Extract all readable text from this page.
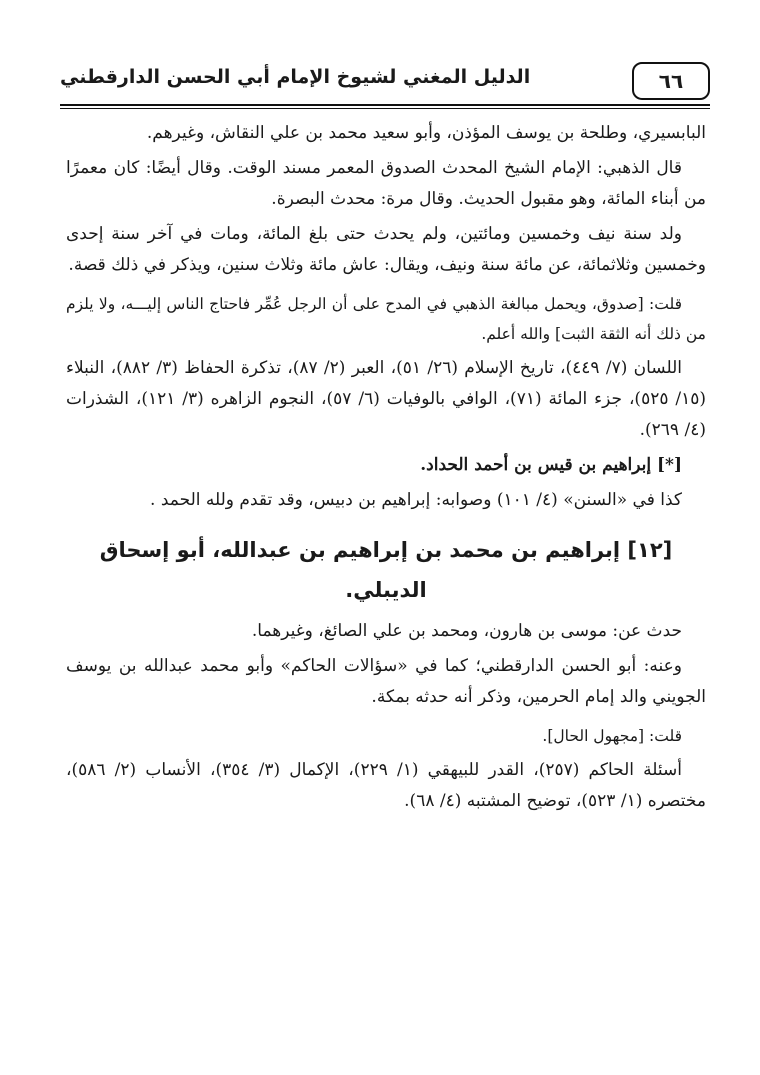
٦٦
الدليل المغني لشيوخ الإمام أبي الحسن الدارقطني

البابسيري، وطلحة بن يوسف المؤذن، وأبو سعيد محمد بن علي النقاش، وغيرهم.

قال الذهبي: الإمام الشيخ المحدث الصدوق المعمر مسند الوقت. وقال أيضًا: كان معمرًا من أبناء المائة، وهو مقبول الحديث. وقال مرة: محدث البصرة.

ولد سنة نيف وخمسين ومائتين، ولم يحدث حتى بلغ المائة، ومات في آخر سنة إحدى وخمسين وثلاثمائة، عن مائة سنة ونيف، ويقال: عاش مائة وثلاث سنين، ويذكر في ذلك قصة.

قلت: [صدوق، ويحمل مبالغة الذهبي في المدح على أن الرجل عُمِّر فاحتاج الناس إليـــه، ولا يلزم من ذلك أنه الثقة الثبت] والله أعلم.

اللسان (٧/ ٤٤٩)، تاريخ الإسلام (٢٦/ ٥١)، العبر (٢/ ٨٧)، تذكرة الحفاظ (٣/ ٨٨٢)، النبلاء (١٥/ ٥٢٥)، جزء المائة (٧١)، الوافي بالوفيات (٦/ ٥٧)، النجوم الزاهره (٣/ ١٢١)، الشذرات (٤/ ٢٦٩).

[*] إبراهيم بن قيس بن أحمد الحداد.

كذا في «السنن» (٤/ ١٠١) وصوابه: إبراهيم بن دبيس، وقد تقدم ولله الحمد .

[١٢] إبراهيم بن محمد بن إبراهيم بن عبدالله، أبو إسحاق الديبلي.

حدث عن: موسى بن هارون، ومحمد بن علي الصائغ، وغيرهما.

وعنه: أبو الحسن الدارقطني؛ كما في «سؤالات الحاكم» وأبو محمد عبدالله بن يوسف الجويني والد إمام الحرمين، وذكر أنه حدثه بمكة.

قلت: [مجهول الحال].

أسئلة الحاكم (٢٥٧)، القدر للبيهقي (١/ ٢٢٩)، الإكمال (٣/ ٣٥٤)، الأنساب (٢/ ٥٨٦)، مختصره (١/ ٥٢٣)، توضيح المشتبه (٤/ ٦٨).
